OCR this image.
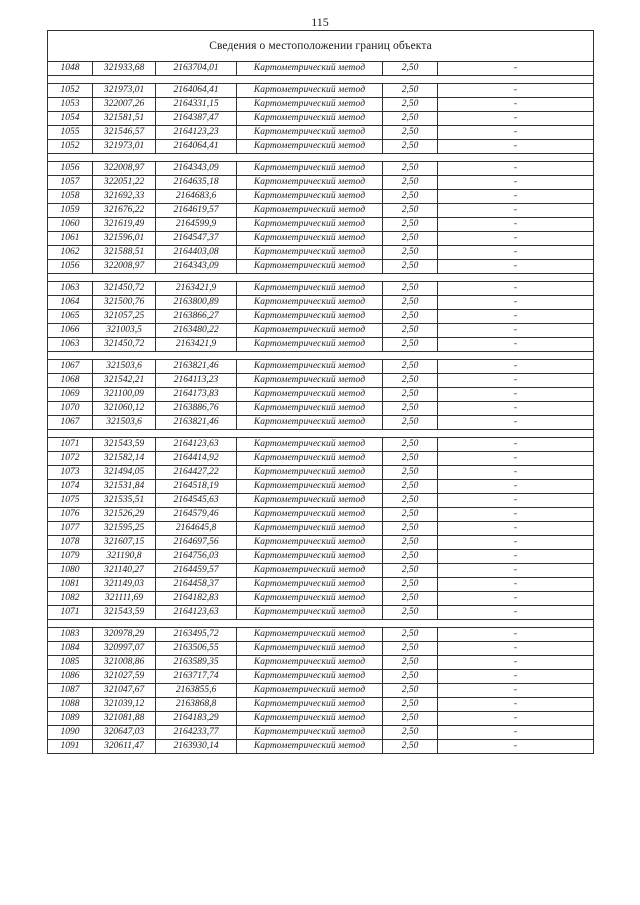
115
Сведения о местоположении границ объекта					
1048	321933,68	2163704,01	Картометрический метод	2,50	-

1052	321973,01	2164064,41	Картометрический метод	2,50	-
1053	322007,26	2164331,15	Картометрический метод	2,50	-
1054	321581,51	2164387,47	Картометрический метод	2,50	-
1055	321546,57	2164123,23	Картометрический метод	2,50	-
1052	321973,01	2164064,41	Картометрический метод	2,50	-

1056	322008,97	2164343,09	Картометрический метод	2,50	-
1057	322051,22	2164635,18	Картометрический метод	2,50	-
1058	321692,33	2164683,6	Картометрический метод	2,50	-
1059	321676,22	2164619,57	Картометрический метод	2,50	-
1060	321619,49	2164599,9	Картометрический метод	2,50	-
1061	321596,01	2164547,37	Картометрический метод	2,50	-
1062	321588,51	2164403,08	Картометрический метод	2,50	-
1056	322008,97	2164343,09	Картометрический метод	2,50	-

1063	321450,72	2163421,9	Картометрический метод	2,50	-
1064	321500,76	2163800,89	Картометрический метод	2,50	-
1065	321057,25	2163866,27	Картометрический метод	2,50	-
1066	321003,5	2163480,22	Картометрический метод	2,50	-
1063	321450,72	2163421,9	Картометрический метод	2,50	-

1067	321503,6	2163821,46	Картометрический метод	2,50	-
1068	321542,21	2164113,23	Картометрический метод	2,50	-
1069	321100,09	2164173,83	Картометрический метод	2,50	-
1070	321060,12	2163886,76	Картометрический метод	2,50	-
1067	321503,6	2163821,46	Картометрический метод	2,50	-

1071	321543,59	2164123,63	Картометрический метод	2,50	-
1072	321582,14	2164414,92	Картометрический метод	2,50	-
1073	321494,05	2164427,22	Картометрический метод	2,50	-
1074	321531,84	2164518,19	Картометрический метод	2,50	-
1075	321535,51	2164545,63	Картометрический метод	2,50	-
1076	321526,29	2164579,46	Картометрический метод	2,50	-
1077	321595,25	2164645,8	Картометрический метод	2,50	-
1078	321607,15	2164697,56	Картометрический метод	2,50	-
1079	321190,8	2164756,03	Картометрический метод	2,50	-
1080	321140,27	2164459,57	Картометрический метод	2,50	-
1081	321149,03	2164458,37	Картометрический метод	2,50	-
1082	321111,69	2164182,83	Картометрический метод	2,50	-
1071	321543,59	2164123,63	Картометрический метод	2,50	-

1083	320978,29	2163495,72	Картометрический метод	2,50	-
1084	320997,07	2163506,55	Картометрический метод	2,50	-
1085	321008,86	2163589,35	Картометрический метод	2,50	-
1086	321027,59	2163717,74	Картометрический метод	2,50	-
1087	321047,67	2163855,6	Картометрический метод	2,50	-
1088	321039,12	2163868,8	Картометрический метод	2,50	-
1089	321081,88	2164183,29	Картометрический метод	2,50	-
1090	320647,03	2164233,77	Картометрический метод	2,50	-
1091	320611,47	2163930,14	Картометрический метод	2,50	-
